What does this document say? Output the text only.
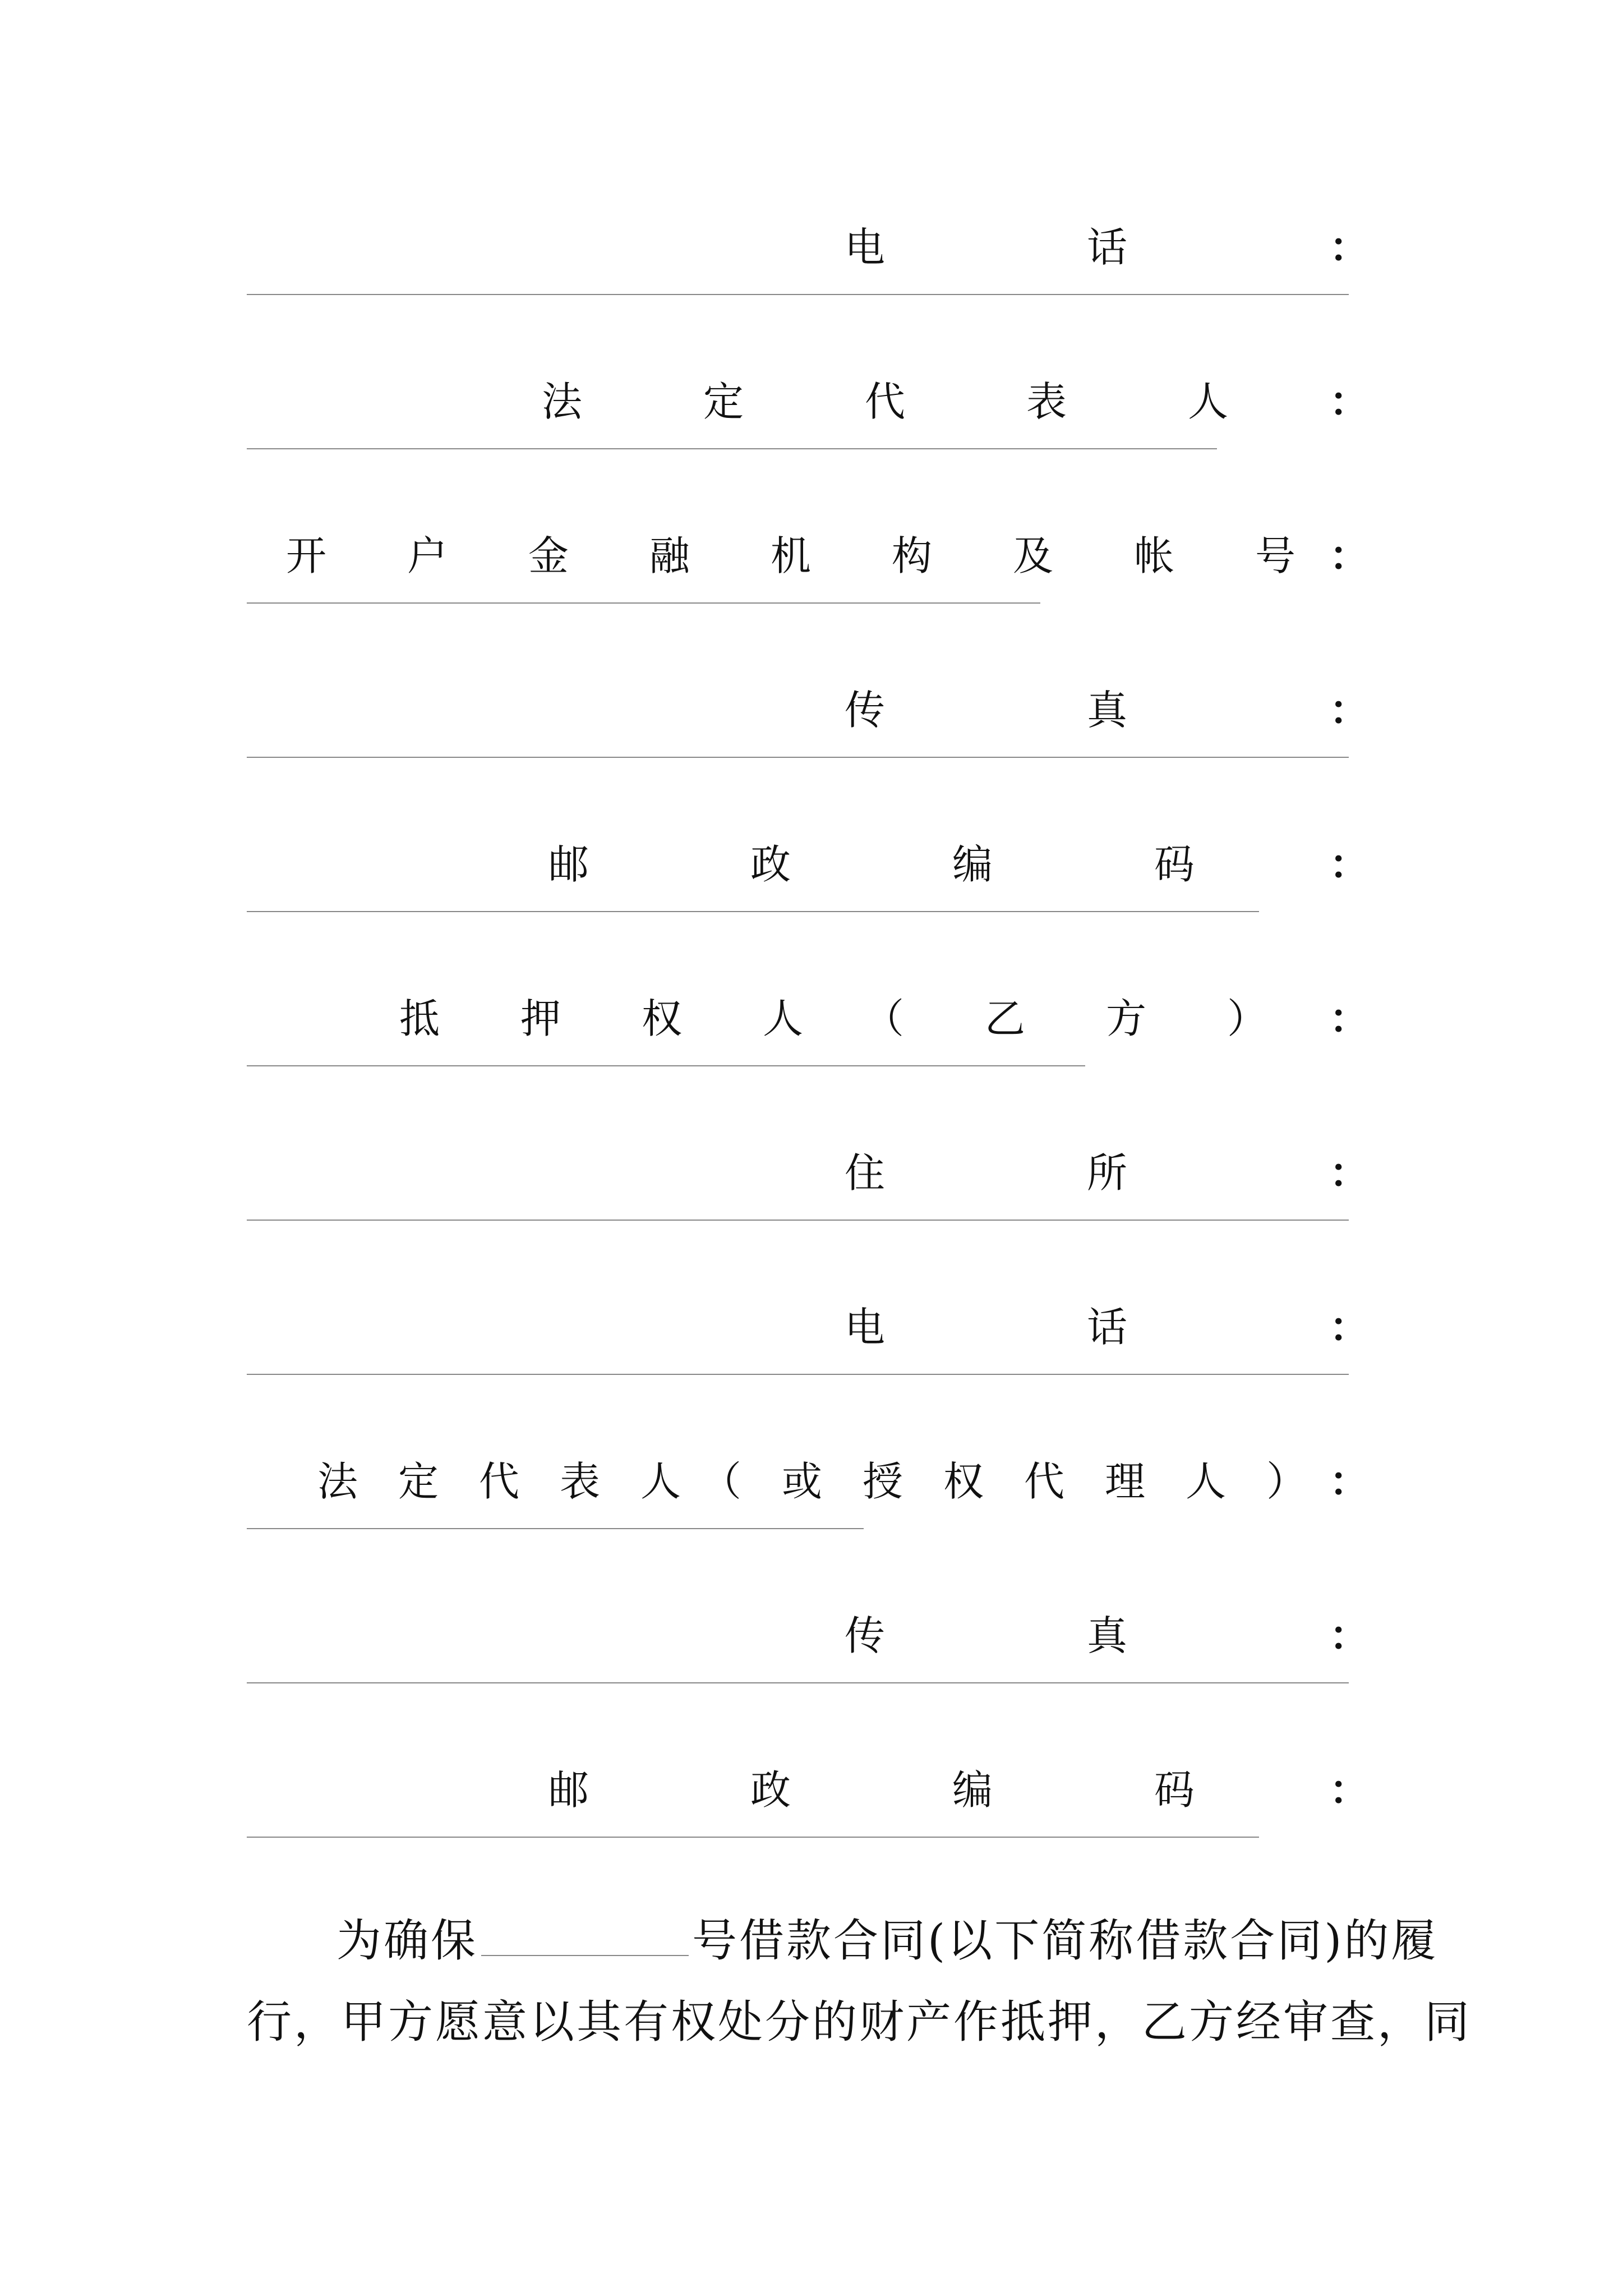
电　　　　　话	：
法　　　定　　　代　　　表　　　人	：
开　　户　　金　　融　　机　　构　　及　　帐　　号 ：
传　　　　　真	：
邮　　　　政　　　　编　　　　码	：
抵　　押　　权　　人　　（　　乙　　方　　） ：
住　　　　　所	：
电　　　　　话	：
法　定　代　表　人　（　或　授　权　代　理　人　） ：
传　　　　　真	：
邮　　　　政　　　　编　　　　码	：
为确保	号借款合同(以下简称借款合同)的履
行，甲方愿意以其有权处分的财产作抵押，乙方经审查，同
